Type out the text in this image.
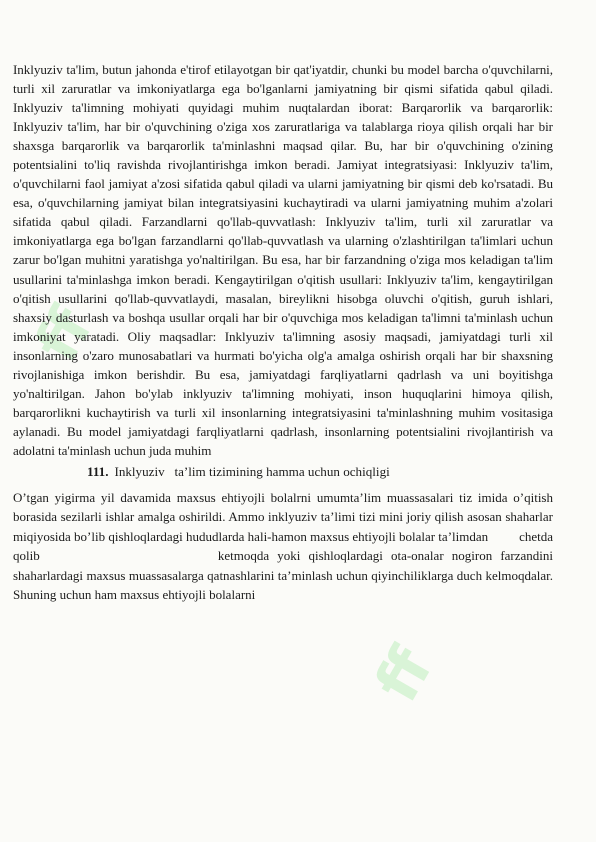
ff
ff

Inklyuziv ta'lim, butun jahonda e'tirof etilayotgan bir qat'iyatdir, chunki bu model barcha o'quvchilarni, turli xil zaruratlar va imkoniyatlarga ega bo'lganlarni jamiyatning bir qismi sifatida qabul qiladi. Inklyuziv ta'limning mohiyati quyidagi muhim nuqtalardan iborat: Barqarorlik va barqarorlik: Inklyuziv ta'lim, har bir o'quvchining o'ziga xos zaruratlariga va talablarga rioya qilish orqali har bir shaxsga barqarorlik va barqarorlik ta'minlashni maqsad qilar. Bu, har bir o'quvchining o'zining potentsialini to'liq ravishda rivojlantirishga imkon beradi. Jamiyat integratsiyasi: Inklyuziv ta'lim, o'quvchilarni faol jamiyat a'zosi sifatida qabul qiladi va ularni jamiyatning bir qismi deb ko'rsatadi. Bu esa, o'quvchilarning jamiyat bilan integratsiyasini kuchaytiradi va ularni jamiyatning muhim a'zolari sifatida qabul qiladi. Farzandlarni qo'llab-quvvatlash: Inklyuziv ta'lim, turli xil zaruratlar va imkoniyatlarga ega bo'lgan farzandlarni qo'llab-quvvatlash va ularning o'zlashtirilgan ta'limlari uchun zarur bo'lgan muhitni yaratishga yo'naltirilgan. Bu esa, har bir farzandning o'ziga mos keladigan ta'lim usullarini ta'minlashga imkon beradi. Kengaytirilgan o'qitish usullari: Inklyuziv ta'lim, kengaytirilgan o'qitish usullarini qo'llab-quvvatlaydi, masalan, bireylikni hisobga oluvchi o'qitish, guruh ishlari, shaxsiy dasturlash va boshqa usullar orqali har bir o'quvchiga mos keladigan ta'limni ta'minlash uchun imkoniyat yaratadi. Oliy maqsadlar: Inklyuziv ta'limning asosiy maqsadi, jamiyatdagi turli xil insonlarning o'zaro munosabatlari va hurmati bo'yicha olg'a amalga oshirish orqali har bir shaxsning rivojlanishiga imkon berishdir. Bu esa, jamiyatdagi farqliyatlarni qadrlash va uni boyitishga yo'naltirilgan. Jahon bo'ylab inklyuziv ta'limning mohiyati, inson huquqlarini himoya qilish, barqarorlikni kuchaytirish va turli xil insonlarning integratsiyasini ta'minlashning muhim vositasiga aylanadi. Bu model jamiyatdagi farqliyatlarni qadrlash, insonlarning potentsialini rivojlantirish va adolatni ta'minlash uchun juda muhim

111. Inklyuziv   ta’lim tizimining hamma uchun ochiqligi

O’tgan yigirma yil davamida maxsus ehtiyojli bolalrni umumta’lim muassasalari tiz imida o’qitish borasida sezilarli ishlar amalga oshirildi. Ammo inklyuziv ta’limi tizi mini joriy qilish asosan shaharlar miqiyosida bo’lib qishloqlardagi hududlarda hali-hamon maxsus ehtiyojli bolalar ta’limdan chetda

qolib	ketmoqda yoki qishloqlardagi ota-onalar nogiron farzandini shaharlardagi maxsus muassasalarga qatnashlarini ta’minlash uchun qiyinchiliklarga duch kelmoqdalar. Shuning uchun ham maxsus ehtiyojli bolalarni
